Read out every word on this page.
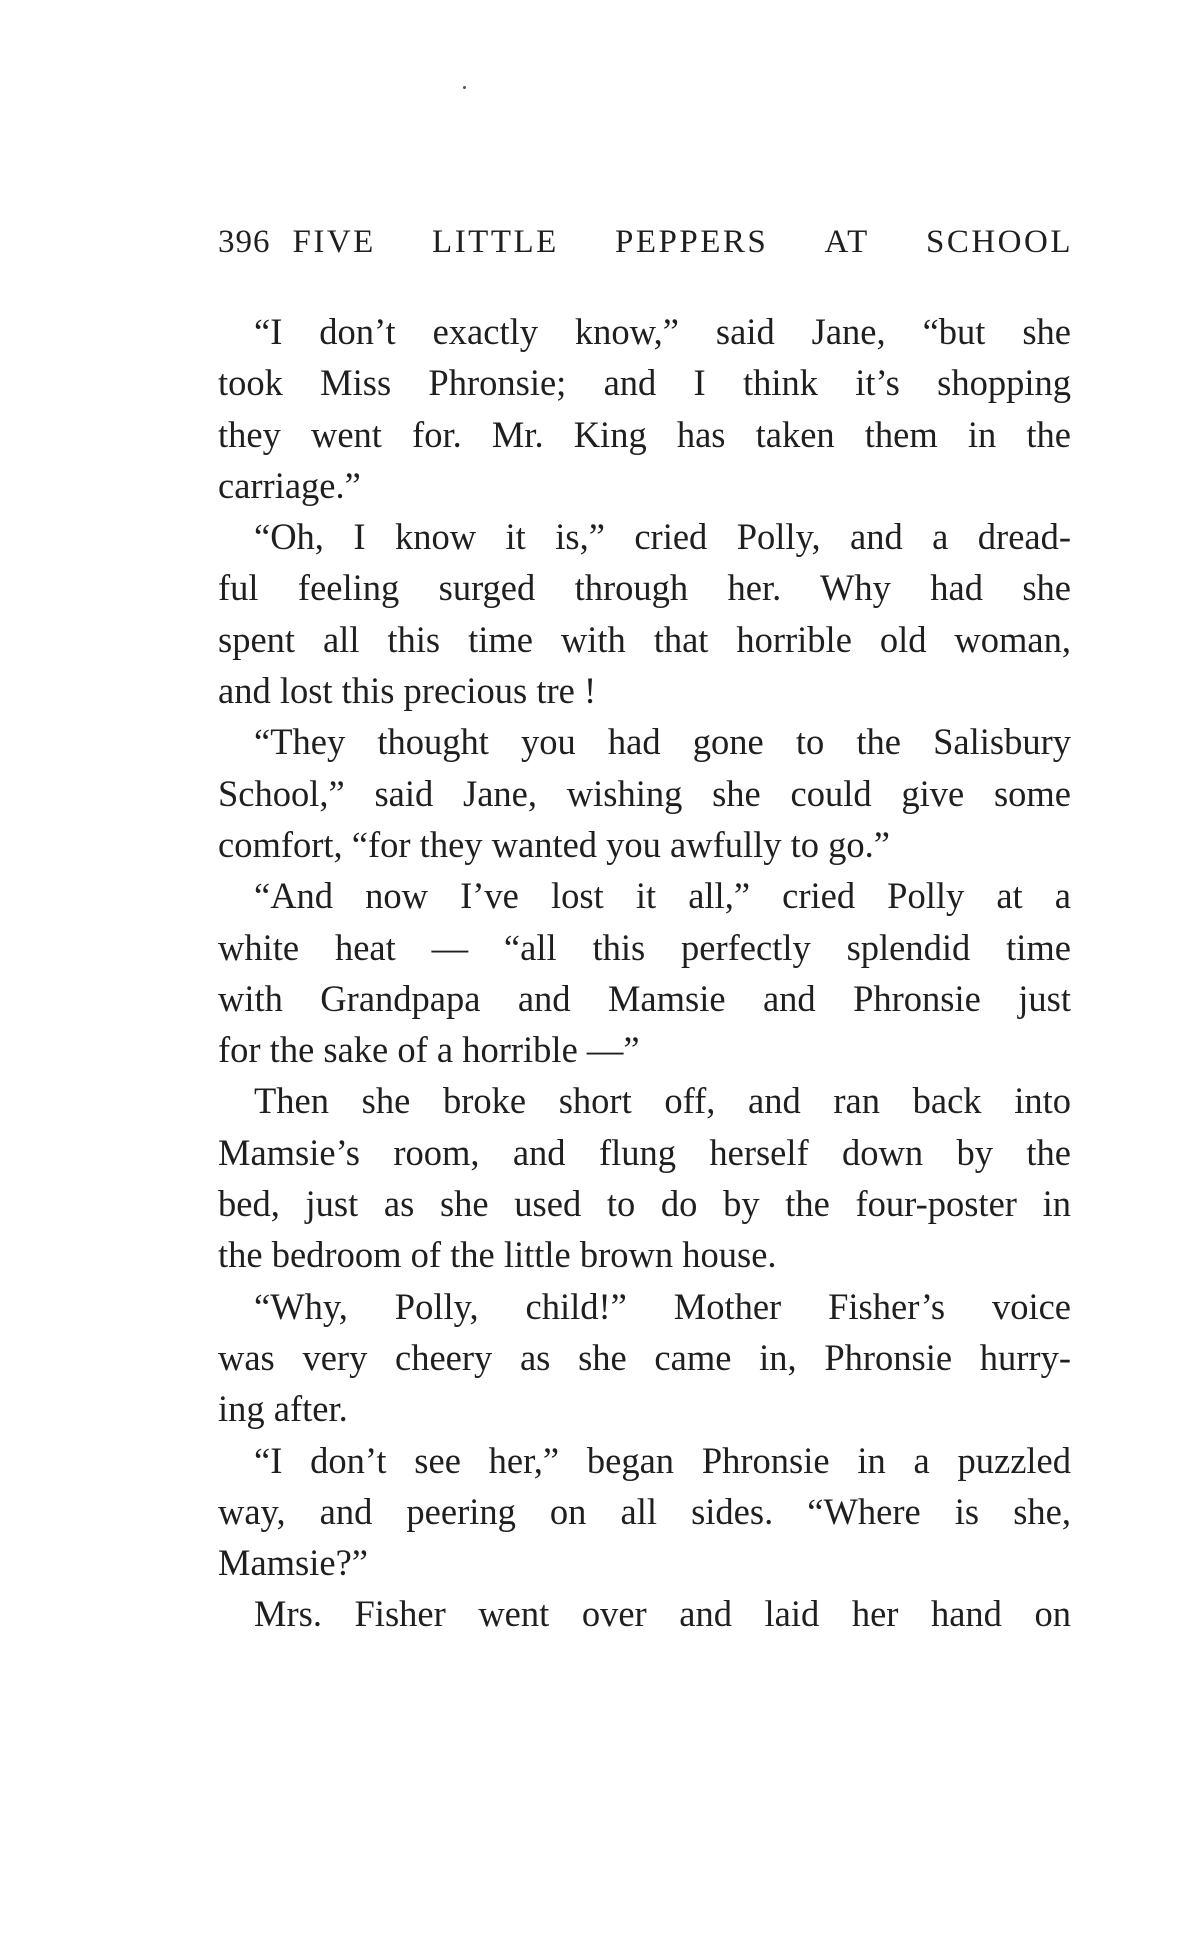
396 FIVE LITTLE PEPPERS AT SCHOOL
“I don’t exactly know,” said Jane, “but she
took Miss Phronsie; and I think it’s shopping
they went for. Mr. King has taken them in the
carriage.”
“Oh, I know it is,” cried Polly, and a dread-
ful feeling surged through her. Why had she
spent all this time with that horrible old woman,
and lost this precious tre !
“They thought you had gone to the Salisbury
School,” said Jane, wishing she could give some
comfort, “for they wanted you awfully to go.”
“And now I’ve lost it all,” cried Polly at a
white heat — “all this perfectly splendid time
with Grandpapa and Mamsie and Phronsie just
for the sake of a horrible —”
Then she broke short off, and ran back into
Mamsie’s room, and flung herself down by the
bed, just as she used to do by the four-poster in
the bedroom of the little brown house.
“Why, Polly, child!” Mother Fisher’s voice
was very cheery as she came in, Phronsie hurry-
ing after.
“I don’t see her,” began Phronsie in a puzzled
way, and peering on all sides. “Where is she,
Mamsie?”
Mrs. Fisher went over and laid her hand on
